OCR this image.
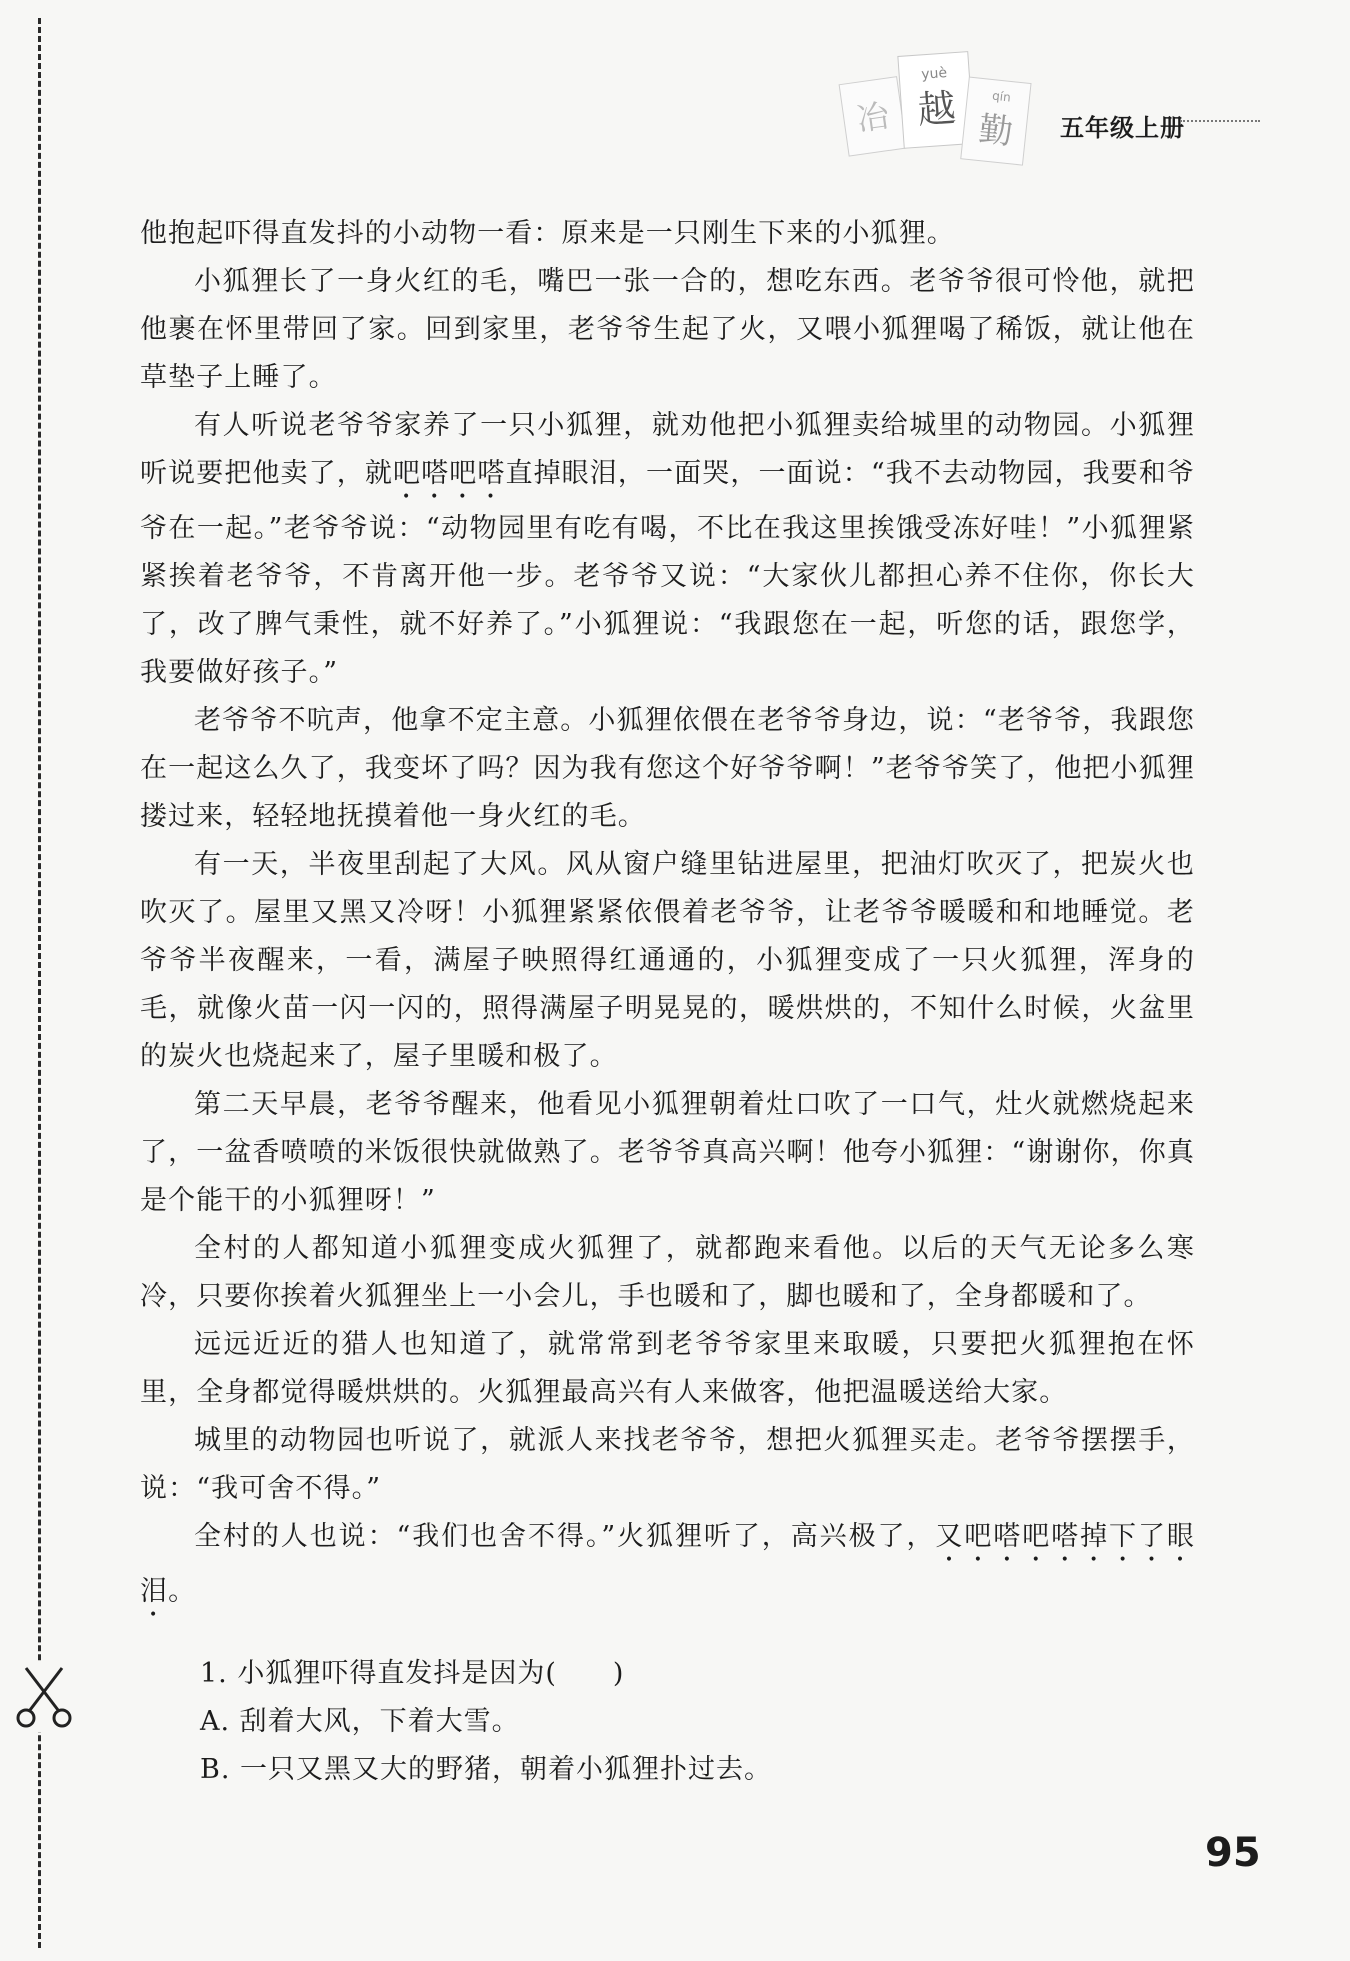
冶
yuè
越	qín
勤 五年级上册

他抱起吓得直发抖的小动物一看：原来是一只刚生下来的小狐狸。

小狐狸长了一身火红的毛，嘴巴一张一合的，想吃东西。老爷爷很可怜他，就把他裹在怀里带回了家。回到家里，老爷爷生起了火，又喂小狐狸喝了稀饭，就让他在草垫子上睡了。

有人听说老爷爷家养了一只小狐狸，就劝他把小狐狸卖给城里的动物园。小狐狸听说要把他卖了，就吧嗒吧嗒直掉眼泪，一面哭，一面说：“我不去动物园，我要和爷爷在一起。”老爷爷说：“动物园里有吃有喝，不比在我这里挨饿受冻好哇！”小狐狸紧紧挨着老爷爷，不肯离开他一步。老爷爷又说：“大家伙儿都担心养不住你，你长大了，改了脾气秉性，就不好养了。”小狐狸说：“我跟您在一起，听您的话，跟您学，我要做好孩子。”

老爷爷不吭声，他拿不定主意。小狐狸依偎在老爷爷身边，说：“老爷爷，我跟您在一起这么久了，我变坏了吗？因为我有您这个好爷爷啊！”老爷爷笑了，他把小狐狸搂过来，轻轻地抚摸着他一身火红的毛。

有一天，半夜里刮起了大风。风从窗户缝里钻进屋里，把油灯吹灭了，把炭火也吹灭了。屋里又黑又冷呀！小狐狸紧紧依偎着老爷爷，让老爷爷暖暖和和地睡觉。老爷爷半夜醒来，一看，满屋子映照得红通通的，小狐狸变成了一只火狐狸，浑身的毛，就像火苗一闪一闪的，照得满屋子明晃晃的，暖烘烘的，不知什么时候，火盆里的炭火也烧起来了，屋子里暖和极了。

第二天早晨，老爷爷醒来，他看见小狐狸朝着灶口吹了一口气，灶火就燃烧起来了，一盆香喷喷的米饭很快就做熟了。老爷爷真高兴啊！他夸小狐狸：“谢谢你，你真是个能干的小狐狸呀！”

全村的人都知道小狐狸变成火狐狸了，就都跑来看他。以后的天气无论多么寒冷，只要你挨着火狐狸坐上一小会儿，手也暖和了，脚也暖和了，全身都暖和了。

远远近近的猎人也知道了，就常常到老爷爷家里来取暖，只要把火狐狸抱在怀里，全身都觉得暖烘烘的。火狐狸最高兴有人来做客，他把温暖送给大家。

城里的动物园也听说了，就派人来找老爷爷，想把火狐狸买走。老爷爷摆摆手，说：“我可舍不得。”

全村的人也说：“我们也舍不得。”火狐狸听了，高兴极了，又吧嗒吧嗒掉下了眼泪。

1. 小狐狸吓得直发抖是因为(　　)

A. 刮着大风，下着大雪。

B. 一只又黑又大的野猪，朝着小狐狸扑过去。

95
